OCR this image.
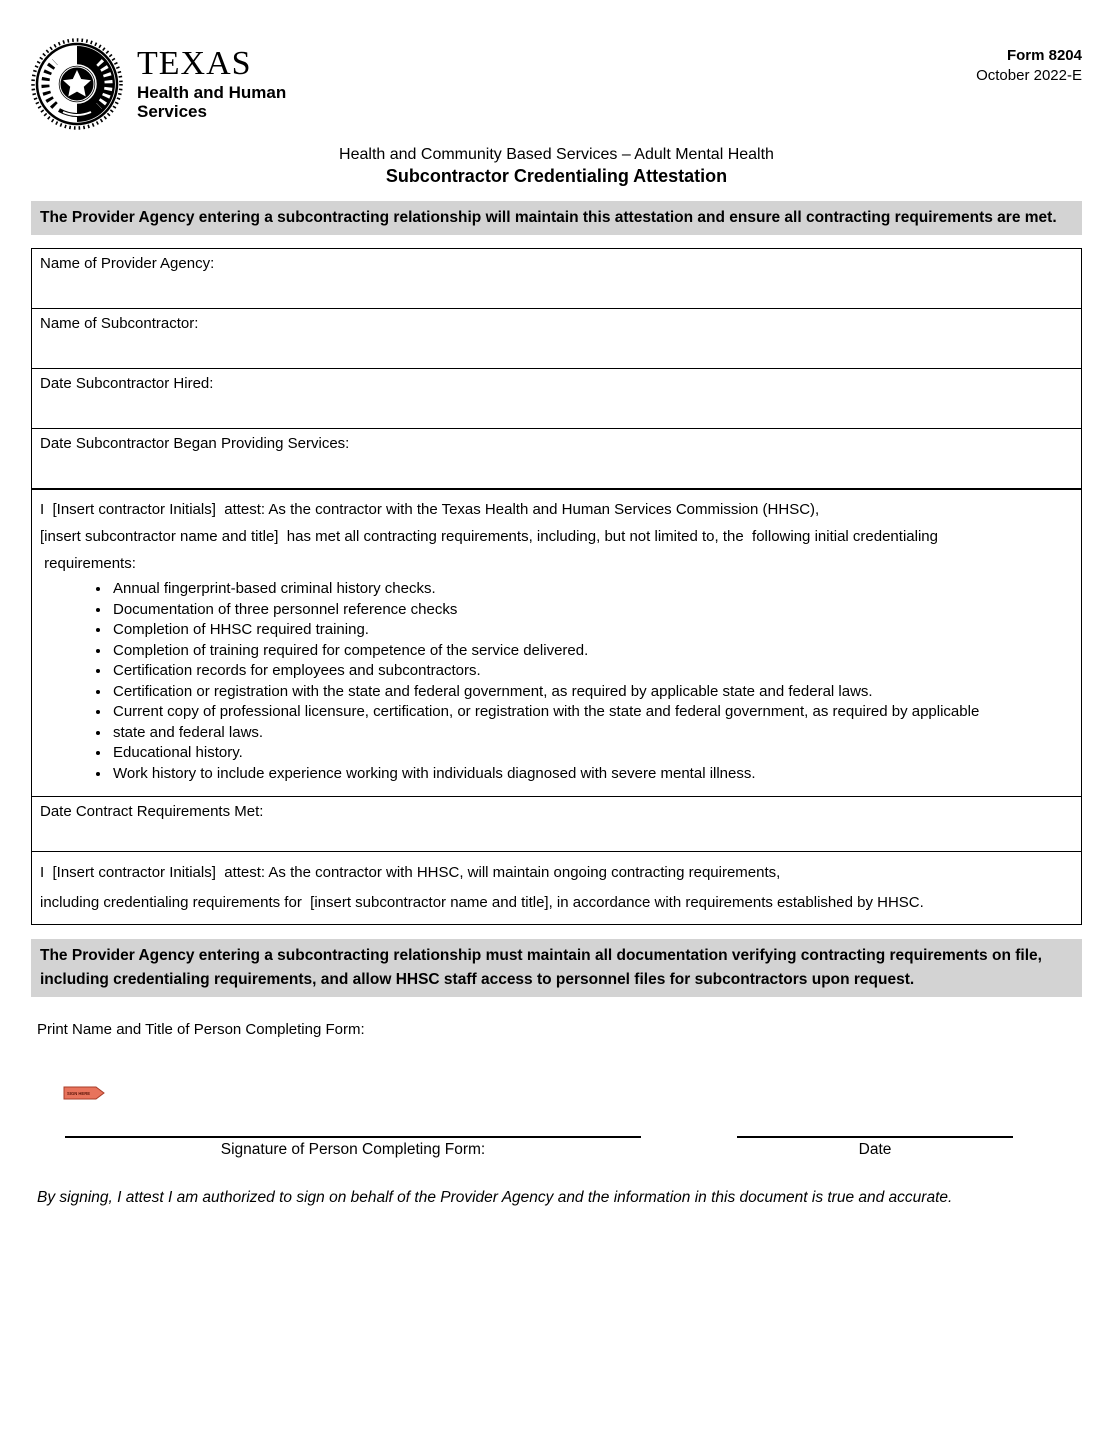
TEXAS
Health and Human
Services
Form 8204
October 2022-E
Health and Community Based Services – Adult Mental Health
Subcontractor Credentialing Attestation
The Provider Agency entering a subcontracting relationship will maintain this attestation and ensure all contracting requirements are met.
Name of Provider Agency:
Name of Subcontractor:
Date Subcontractor Hired:
Date Subcontractor Began Providing Services:

I  [Insert contractor Initials]  attest: As the contractor with the Texas Health and Human Services Commission (HHSC),

[insert subcontractor name and title]  has met all contracting requirements, including, but not limited to, the  following initial credentialing

requirements:

• Annual fingerprint-based criminal history checks.
• Documentation of three personnel reference checks
• Completion of HHSC required training.
• Completion of training required for competence of the service delivered.
• Certification records for employees and subcontractors.
• Certification or registration with the state and federal government, as required by applicable state and federal laws.
• Current copy of professional licensure, certification, or registration with the state and federal government, as required by applicable
• state and federal laws.
• Educational history.
• Work history to include experience working with individuals diagnosed with severe mental illness.
Date Contract Requirements Met:

I  [Insert contractor Initials]  attest: As the contractor with HHSC, will maintain ongoing contracting requirements,

including credentialing requirements for  [insert subcontractor name and title], in accordance with requirements established by HHSC.

The Provider Agency entering a subcontracting relationship must maintain all documentation verifying contracting requirements on file, including credentialing requirements, and allow HHSC staff access to personnel files for subcontractors upon request.
Print Name and Title of Person Completing Form:
SIGN HERE
Signature of Person Completing Form:	Date
By signing, I attest I am authorized to sign on behalf of the Provider Agency and the information in this document is true and accurate.
